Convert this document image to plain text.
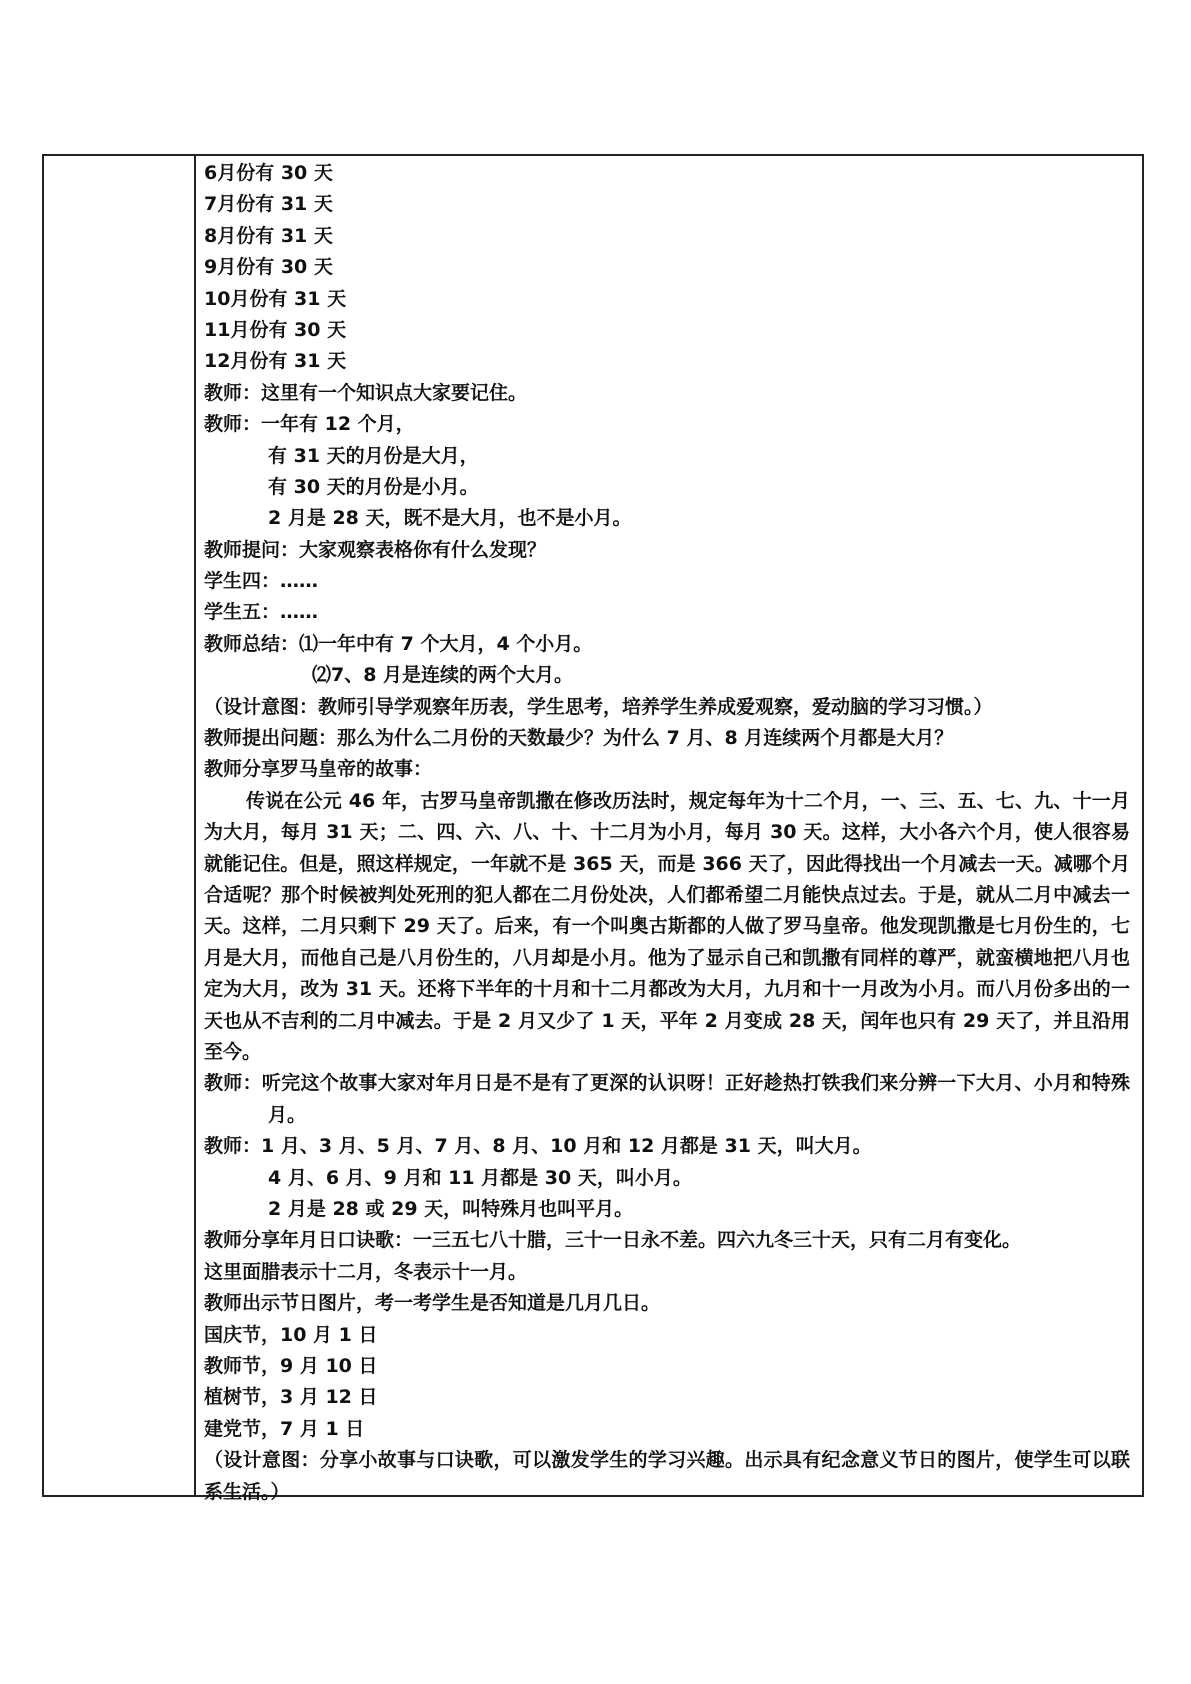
6月份有 30 天
7月份有 31 天
8月份有 31 天
9月份有 30 天
10月份有 31 天
11月份有 30 天
12月份有 31 天
教师：这里有一个知识点大家要记住。
教师：一年有 12 个月，
有 31 天的月份是大月，
有 30 天的月份是小月。
2 月是 28 天，既不是大月，也不是小月。
教师提问：大家观察表格你有什么发现？
学生四：……
学生五：……
教师总结：⑴一年中有 7 个大月，4 个小月。
⑵7、8 月是连续的两个大月。
（设计意图：教师引导学观察年历表，学生思考，培养学生养成爱观察，爱动脑的学习习惯。）
教师提出问题：那么为什么二月份的天数最少？为什么 7 月、8 月连续两个月都是大月？
教师分享罗马皇帝的故事：
传说在公元 46 年，古罗马皇帝凯撒在修改历法时，规定每年为十二个月，一、三、五、七、九、十一月为大月，每月 31 天；二、四、六、八、十、十二月为小月，每月 30 天。这样，大小各六个月，使人很容易就能记住。但是，照这样规定，一年就不是 365 天，而是 366 天了，因此得找出一个月减去一天。减哪个月合适呢？那个时候被判处死刑的犯人都在二月份处决，人们都希望二月能快点过去。于是，就从二月中减去一天。这样，二月只剩下 29 天了。后来，有一个叫奥古斯都的人做了罗马皇帝。他发现凯撒是七月份生的，七月是大月，而他自己是八月份生的，八月却是小月。他为了显示自己和凯撒有同样的尊严，就蛮横地把八月也定为大月，改为 31 天。还将下半年的十月和十二月都改为大月，九月和十一月改为小月。而八月份多出的一天也从不吉利的二月中减去。于是 2 月又少了 1 天，平年 2 月变成 28 天，闰年也只有 29 天了，并且沿用至今。
教师：听完这个故事大家对年月日是不是有了更深的认识呀！正好趁热打铁我们来分辨一下大月、小月和特殊月。
教师：1 月、3 月、5 月、7 月、8 月、10 月和 12 月都是 31 天，叫大月。
4 月、6 月、9 月和 11 月都是 30 天，叫小月。
2 月是 28 或 29 天，叫特殊月也叫平月。
教师分享年月日口诀歌：一三五七八十腊，三十一日永不差。四六九冬三十天，只有二月有变化。
这里面腊表示十二月，冬表示十一月。
教师出示节日图片，考一考学生是否知道是几月几日。
国庆节，10 月 1 日
教师节，9 月 10 日
植树节，3 月 12 日
建党节，7 月 1 日
（设计意图：分享小故事与口诀歌，可以激发学生的学习兴趣。出示具有纪念意义节日的图片，使学生可以联系生活。）
